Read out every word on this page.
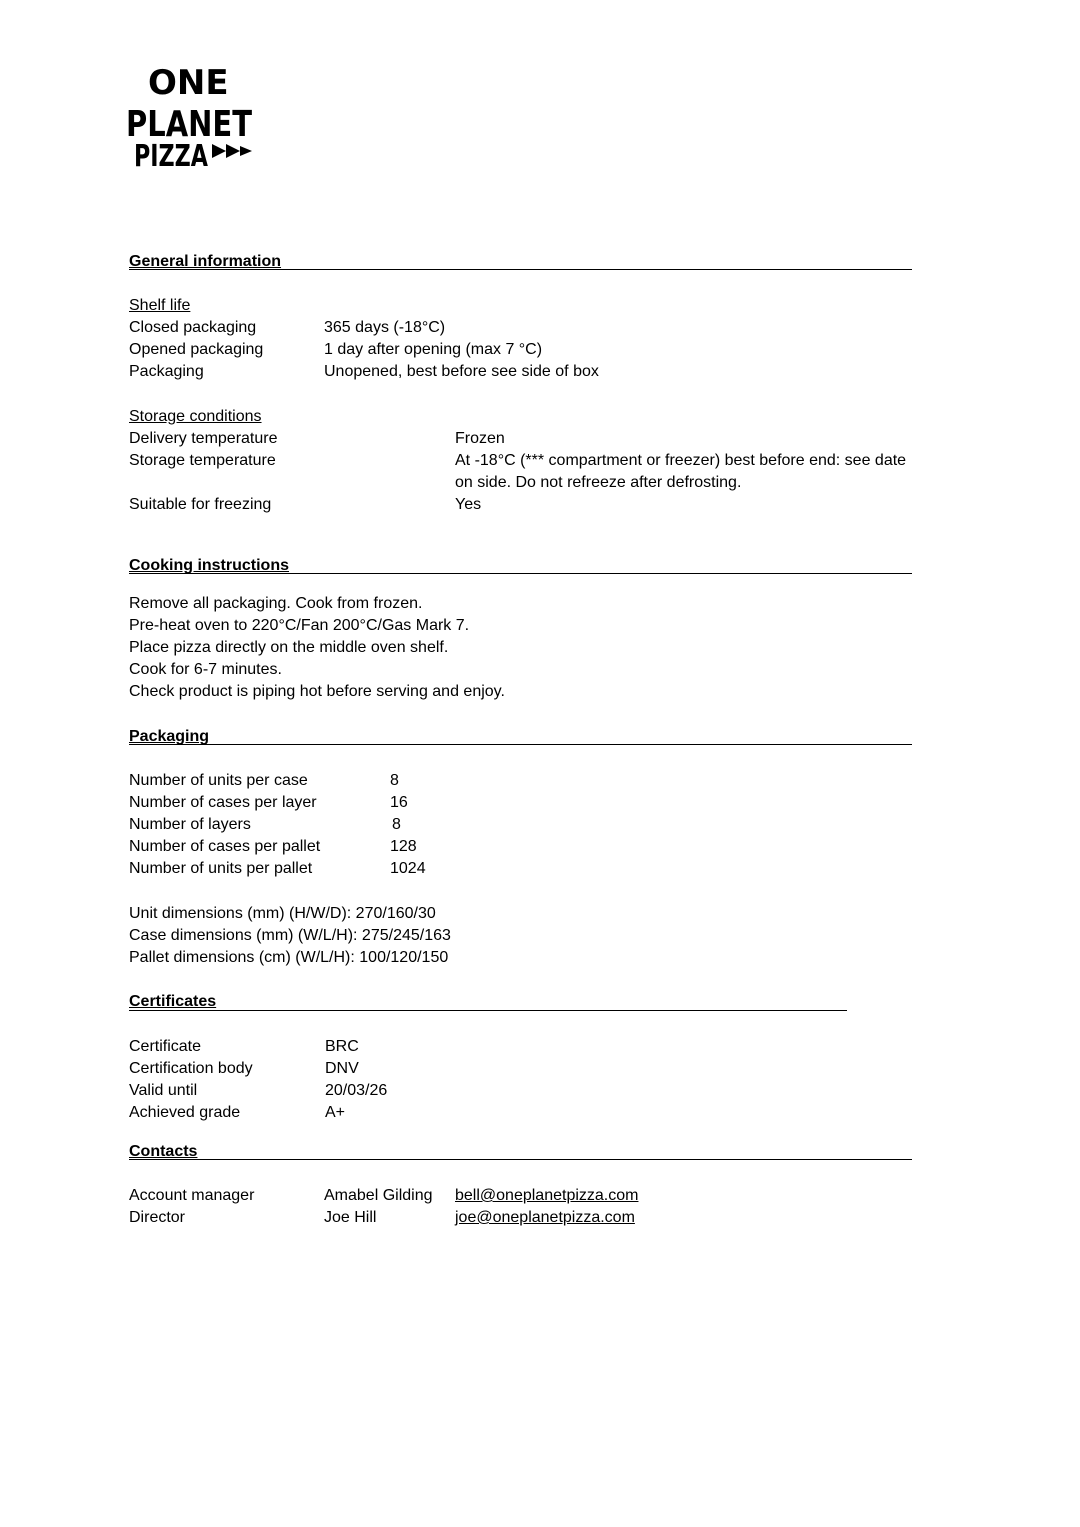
ONE
PLANET
PIZZA
General information
Shelf life
Closed packaging	365 days (-18°C)
Opened packaging	1 day after opening (max 7 °C)
Packaging	Unopened, best before see side of box
Storage conditions
Delivery temperature	Frozen
Storage temperature	At -18°C (*** compartment or freezer) best before end: see date
on side. Do not refreeze after defrosting.
Suitable for freezing	Yes
Cooking instructions
Remove all packaging. Cook from frozen.
Pre-heat oven to 220°C/Fan 200°C/Gas Mark 7.
Place pizza directly on the middle oven shelf.
Cook for 6-7 minutes.
Check product is piping hot before serving and enjoy.
Packaging
Number of units per case	8
Number of cases per layer	16
Number of layers	8
Number of cases per pallet	128
Number of units per pallet	1024
Unit dimensions (mm) (H/W/D): 270/160/30
Case dimensions (mm) (W/L/H): 275/245/163
Pallet dimensions (cm) (W/L/H): 100/120/150
Certificates
Certificate	BRC
Certification body	DNV
Valid until	20/03/26
Achieved grade	A+
Contacts
Account manager	Amabel Gilding bell@oneplanetpizza.com
Director	Joe Hill	joe@oneplanetpizza.com
